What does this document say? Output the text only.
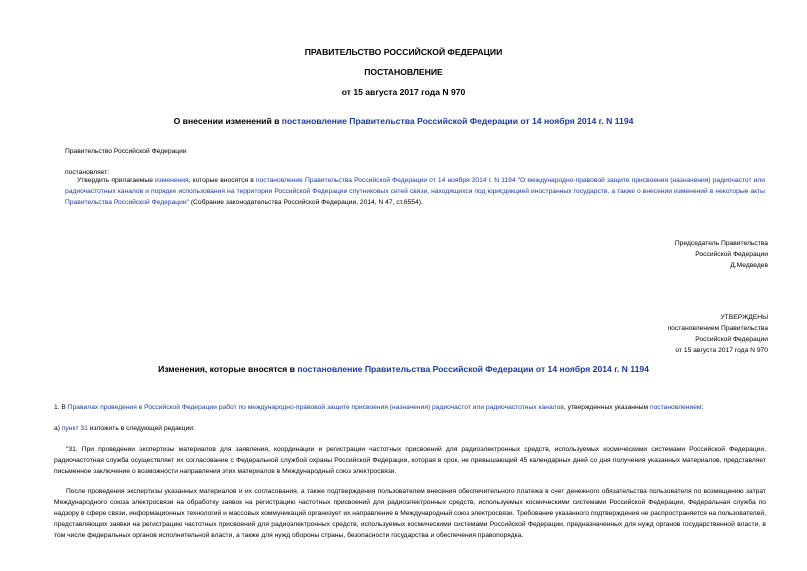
ПРАВИТЕЛЬСТВО РОССИЙСКОЙ ФЕДЕРАЦИИ
ПОСТАНОВЛЕНИЕ
от 15 августа 2017 года N 970
О внесении изменений в постановление Правительства Российской Федерации от 14 ноября 2014 г. N 1194
Правительство Российской Федерации
постановляет:
Утвердить прилагаемые изменения, которые вносятся в постановление Правительства Российской Федерации от 14 ноября 2014 г. N 1194 "О международно-правовой защите присвоения (назначения) радиочастот или радиочастотных каналов и порядке использования на территории Российской Федерации спутниковых сетей связи, находящихся под юрисдикцией иностранных государств, а также о внесении изменений в некоторые акты Правительства Российской Федерации" (Собрание законодательства Российской Федерации, 2014, N 47, ст.6554).
Председатель Правительства
Российской Федерации
Д.Медведев
УТВЕРЖДЕНЫ
постановлением Правительства
Российской Федерации
от 15 августа 2017 года N 970
Изменения, которые вносятся в постановление Правительства Российской Федерации от 14 ноября 2014 г. N 1194
1. В Правилах проведения в Российской Федерации работ по международно-правовой защите присвоения (назначения) радиочастот или радиочастотных каналов, утвержденных указанным постановлением:
а) пункт 31 изложить в следующей редакции:
"31. При проведении экспертизы материалов для заявления, координации и регистрации частотных присвоений для радиоэлектронных средств, используемых космическими системами Российской Федерации, радиочастотная служба осуществляет их согласование с Федеральной службой охраны Российской Федерации, которая в срок, не превышающий 45 календарных дней со дня получения указанных материалов, представляет письменное заключение о возможности направления этих материалов в Международный союз электросвязи.
После проведения экспертизы указанных материалов и их согласования, а также подтверждения пользователем внесения обеспечительного платежа в счет денежного обязательства пользователя по возмещению затрат Международного союза электросвязи на обработку заявок на регистрацию частотных присвоений для радиоэлектронных средств, используемых космическими системами Российской Федерации, Федеральная служба по надзору в сфере связи, информационных технологий и массовых коммуникаций организует их направление в Международный союз электросвязи. Требование указанного подтверждения не распространяется на пользователей, представляющих заявки на регистрацию частотных присвоений для радиоэлектронных средств, используемых космическими системами Российской Федерации, предназначенных для нужд органов государственной власти, в том числе федеральных органов исполнительной власти, а также для нужд обороны страны, безопасности государства и обеспечения правопорядка.
